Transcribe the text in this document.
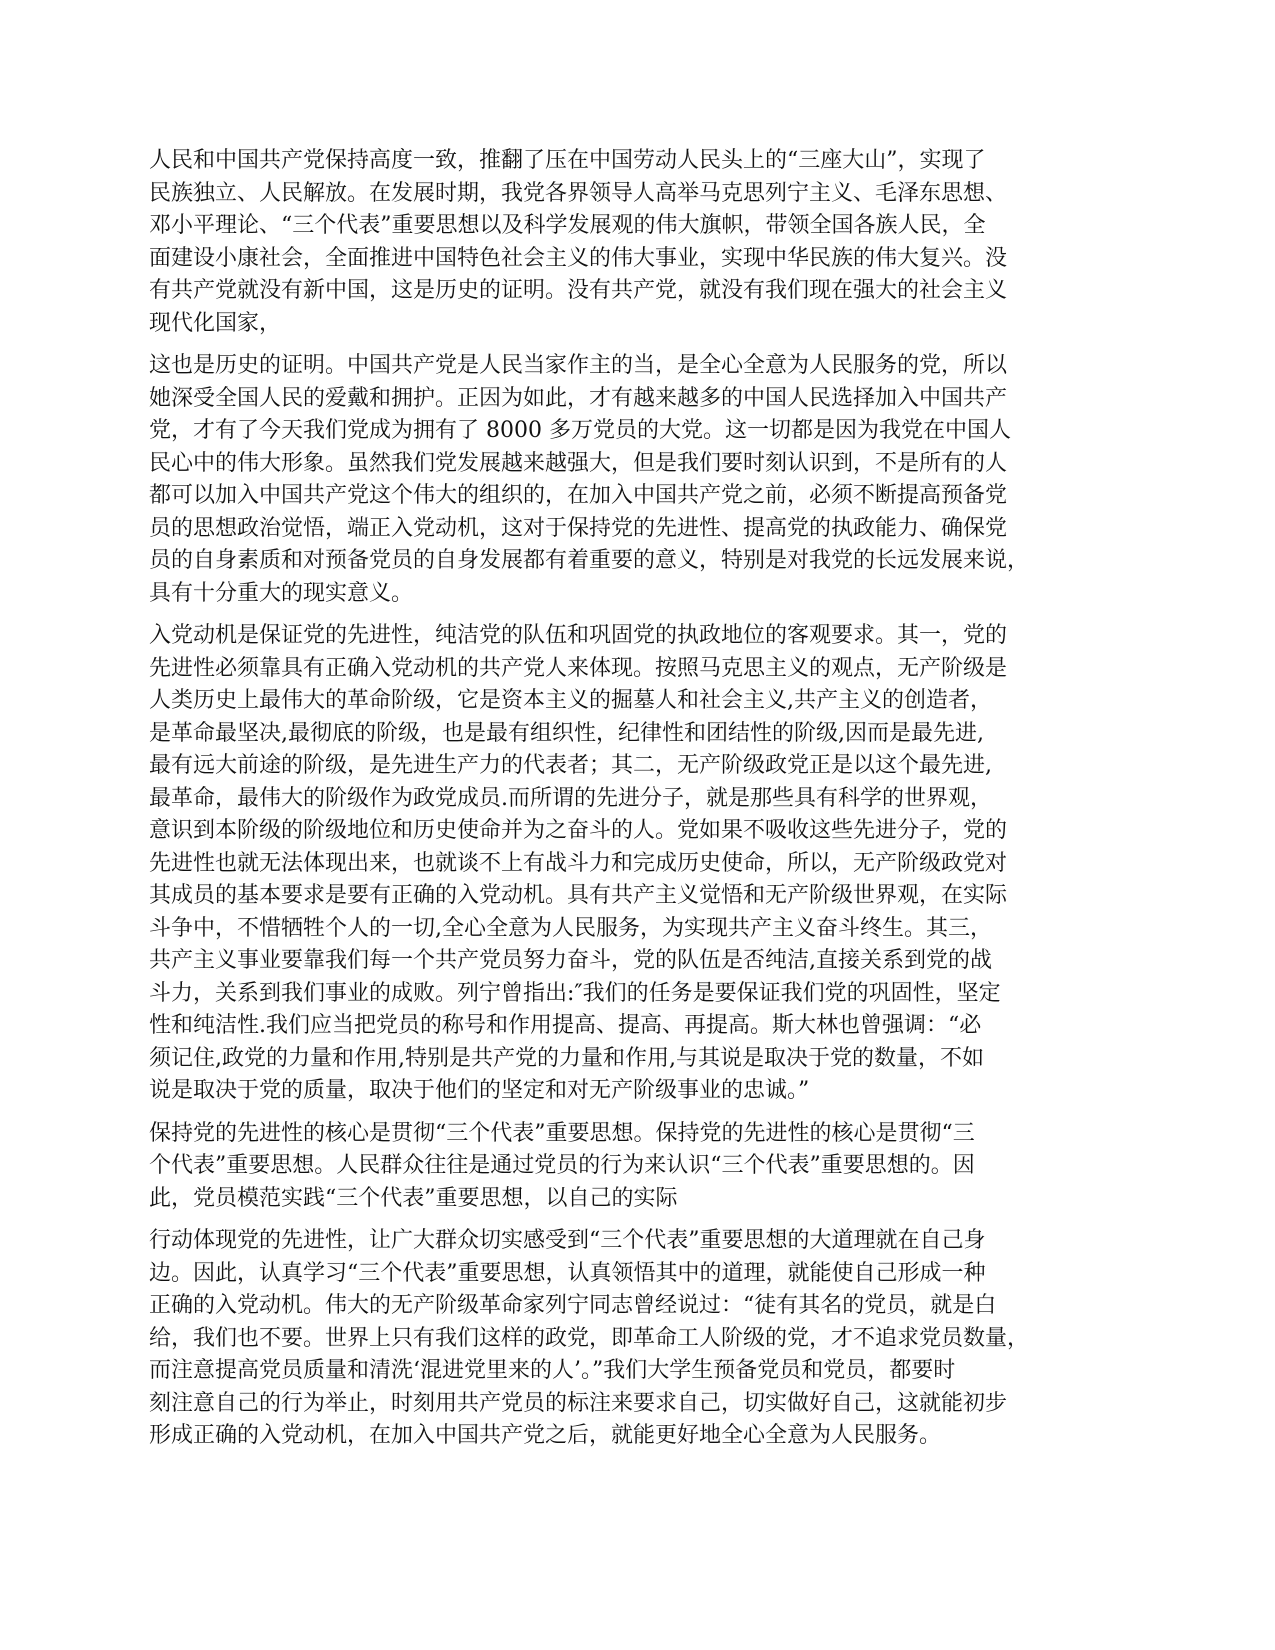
人民和中国共产党保持高度一致，推翻了压在中国劳动人民头上的“三座大山”，实现了
民族独立、人民解放。在发展时期，我党各界领导人高举马克思列宁主义、毛泽东思想、
邓小平理论、“三个代表”重要思想以及科学发展观的伟大旗帜，带领全国各族人民，全
面建设小康社会，全面推进中国特色社会主义的伟大事业，实现中华民族的伟大复兴。没
有共产党就没有新中国，这是历史的证明。没有共产党，就没有我们现在强大的社会主义
现代化国家，

这也是历史的证明。中国共产党是人民当家作主的当，是全心全意为人民服务的党，所以
她深受全国人民的爱戴和拥护。正因为如此，才有越来越多的中国人民选择加入中国共产
党，才有了今天我们党成为拥有了 8000 多万党员的大党。这一切都是因为我党在中国人
民心中的伟大形象。虽然我们党发展越来越强大，但是我们要时刻认识到，不是所有的人
都可以加入中国共产党这个伟大的组织的，在加入中国共产党之前，必须不断提高预备党
员的思想政治觉悟，端正入党动机，这对于保持党的先进性、提高党的执政能力、确保党
员的自身素质和对预备党员的自身发展都有着重要的意义，特别是对我党的长远发展来说，
具有十分重大的现实意义。

入党动机是保证党的先进性，纯洁党的队伍和巩固党的执政地位的客观要求。其一，党的
先进性必须靠具有正确入党动机的共产党人来体现。按照马克思主义的观点，无产阶级是
人类历史上最伟大的革命阶级，它是资本主义的掘墓人和社会主义,共产主义的创造者，
是革命最坚决,最彻底的阶级，也是最有组织性，纪律性和团结性的阶级,因而是最先进,
最有远大前途的阶级，是先进生产力的代表者；其二，无产阶级政党正是以这个最先进,
最革命，最伟大的阶级作为政党成员.而所谓的先进分子，就是那些具有科学的世界观，
意识到本阶级的阶级地位和历史使命并为之奋斗的人。党如果不吸收这些先进分子，党的
先进性也就无法体现出来，也就谈不上有战斗力和完成历史使命，所以，无产阶级政党对
其成员的基本要求是要有正确的入党动机。具有共产主义觉悟和无产阶级世界观，在实际
斗争中，不惜牺牲个人的一切,全心全意为人民服务，为实现共产主义奋斗终生。其三，
共产主义事业要靠我们每一个共产党员努力奋斗，党的队伍是否纯洁,直接关系到党的战
斗力，关系到我们事业的成败。列宁曾指出:″我们的任务是要保证我们党的巩固性，坚定
性和纯洁性.我们应当把党员的称号和作用提高、提高、再提高。斯大林也曾强调：“必
须记住,政党的力量和作用,特别是共产党的力量和作用,与其说是取决于党的数量，不如
说是取决于党的质量，取决于他们的坚定和对无产阶级事业的忠诚。”

保持党的先进性的核心是贯彻“三个代表”重要思想。保持党的先进性的核心是贯彻“三
个代表”重要思想。人民群众往往是通过党员的行为来认识“三个代表”重要思想的。因
此，党员模范实践“三个代表”重要思想，以自己的实际

行动体现党的先进性，让广大群众切实感受到“三个代表”重要思想的大道理就在自己身
边。因此，认真学习“三个代表”重要思想，认真领悟其中的道理，就能使自己形成一种
正确的入党动机。伟大的无产阶级革命家列宁同志曾经说过：“徒有其名的党员，就是白
给，我们也不要。世界上只有我们这样的政党，即革命工人阶级的党，才不追求党员数量，
而注意提高党员质量和清洗‘混进党里来的人’。”我们大学生预备党员和党员，都要时
刻注意自己的行为举止，时刻用共产党员的标注来要求自己，切实做好自己，这就能初步
形成正确的入党动机，在加入中国共产党之后，就能更好地全心全意为人民服务。
